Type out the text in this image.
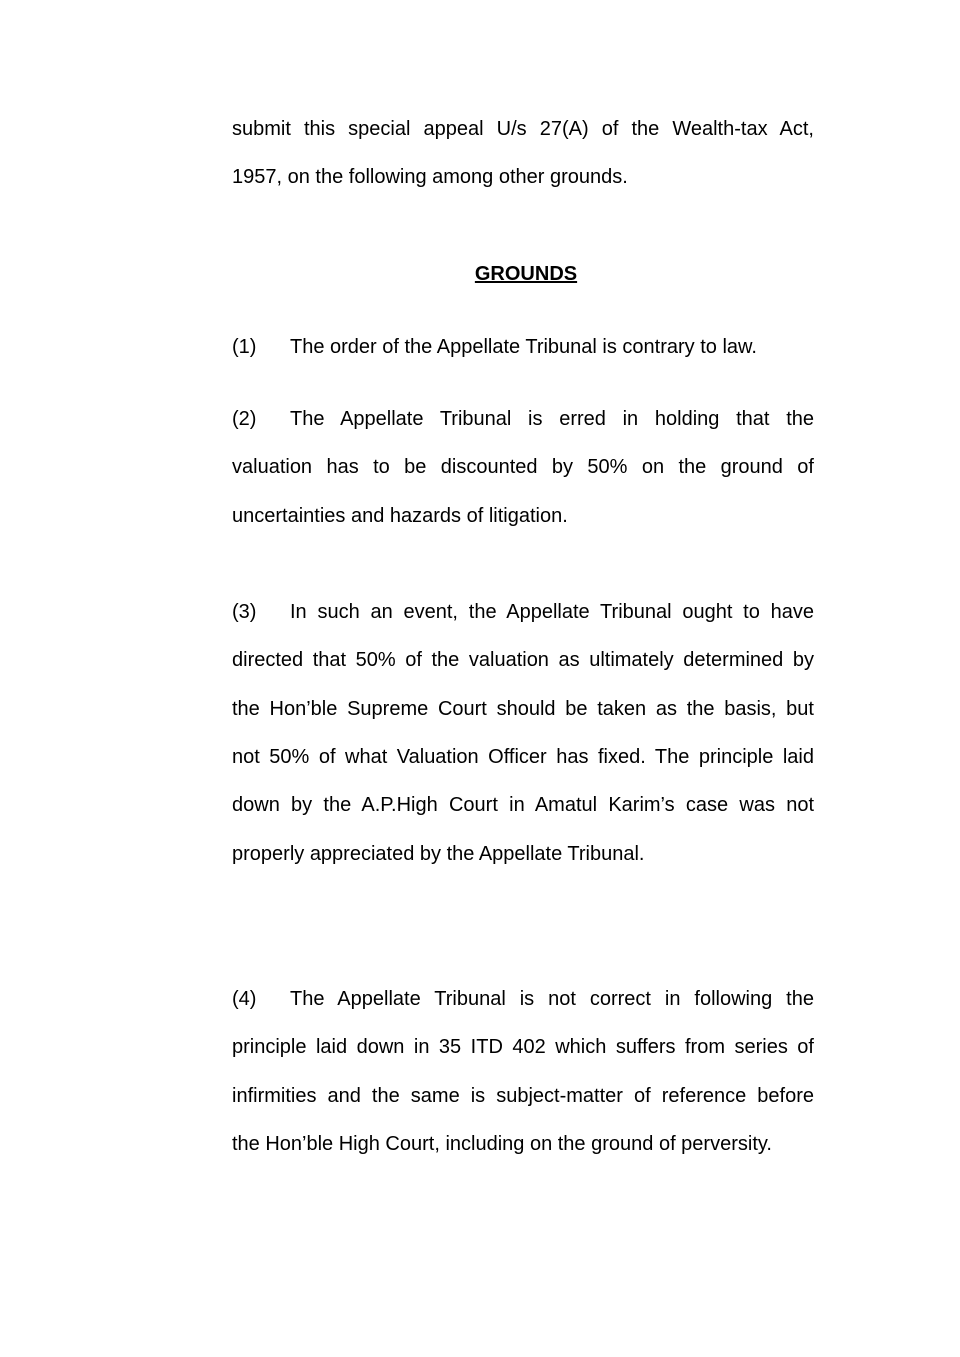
submit this special appeal U/s 27(A) of the Wealth-tax Act,
1957, on the following among other grounds.
GROUNDS
(1) The order of the Appellate Tribunal is contrary to law.
(2) The Appellate Tribunal is erred in holding that the
valuation has to be discounted by 50% on the ground of
uncertainties and hazards of litigation.
(3) In such an event, the Appellate Tribunal ought to have
directed that 50% of the valuation as ultimately determined by
the Hon’ble Supreme Court should be taken as the basis, but
not 50% of what Valuation Officer has fixed. The principle laid
down by the A.P.High Court in Amatul Karim’s case was not
properly appreciated by the Appellate Tribunal.
(4) The Appellate Tribunal is not correct in following the
principle laid down in 35 ITD 402 which suffers from series of
infirmities and the same is subject-matter of reference before
the Hon’ble High Court, including on the ground of perversity.
